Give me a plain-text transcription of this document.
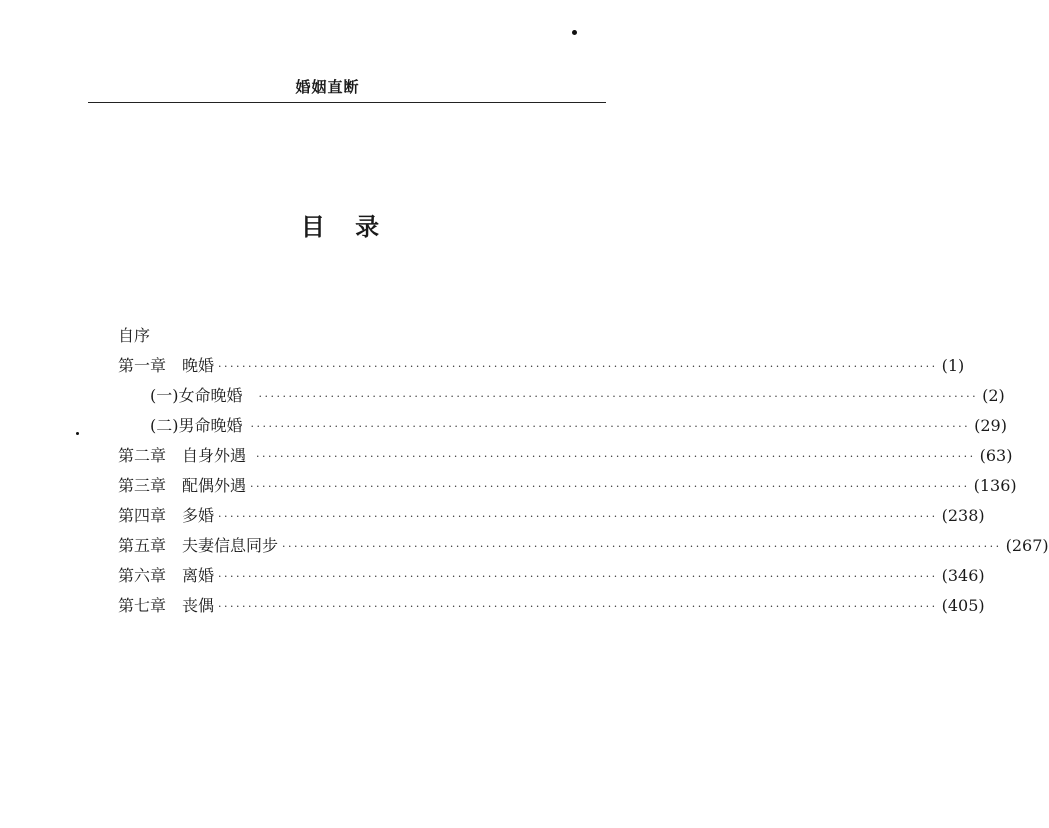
婚姻直断
目 录
自序
第一章 晚婚 ························································································································ (1)
(一)女命晚婚 ························································································································ (2)
(二)男命晚婚 ························································································································ (29)
第二章 自身外遇 ························································································································ (63)
第三章 配偶外遇 ························································································································ (136)
第四章 多婚 ························································································································ (238)
第五章 夫妻信息同步 ························································································································ (267)
第六章 离婚 ························································································································ (346)
第七章 丧偶 ························································································································ (405)
